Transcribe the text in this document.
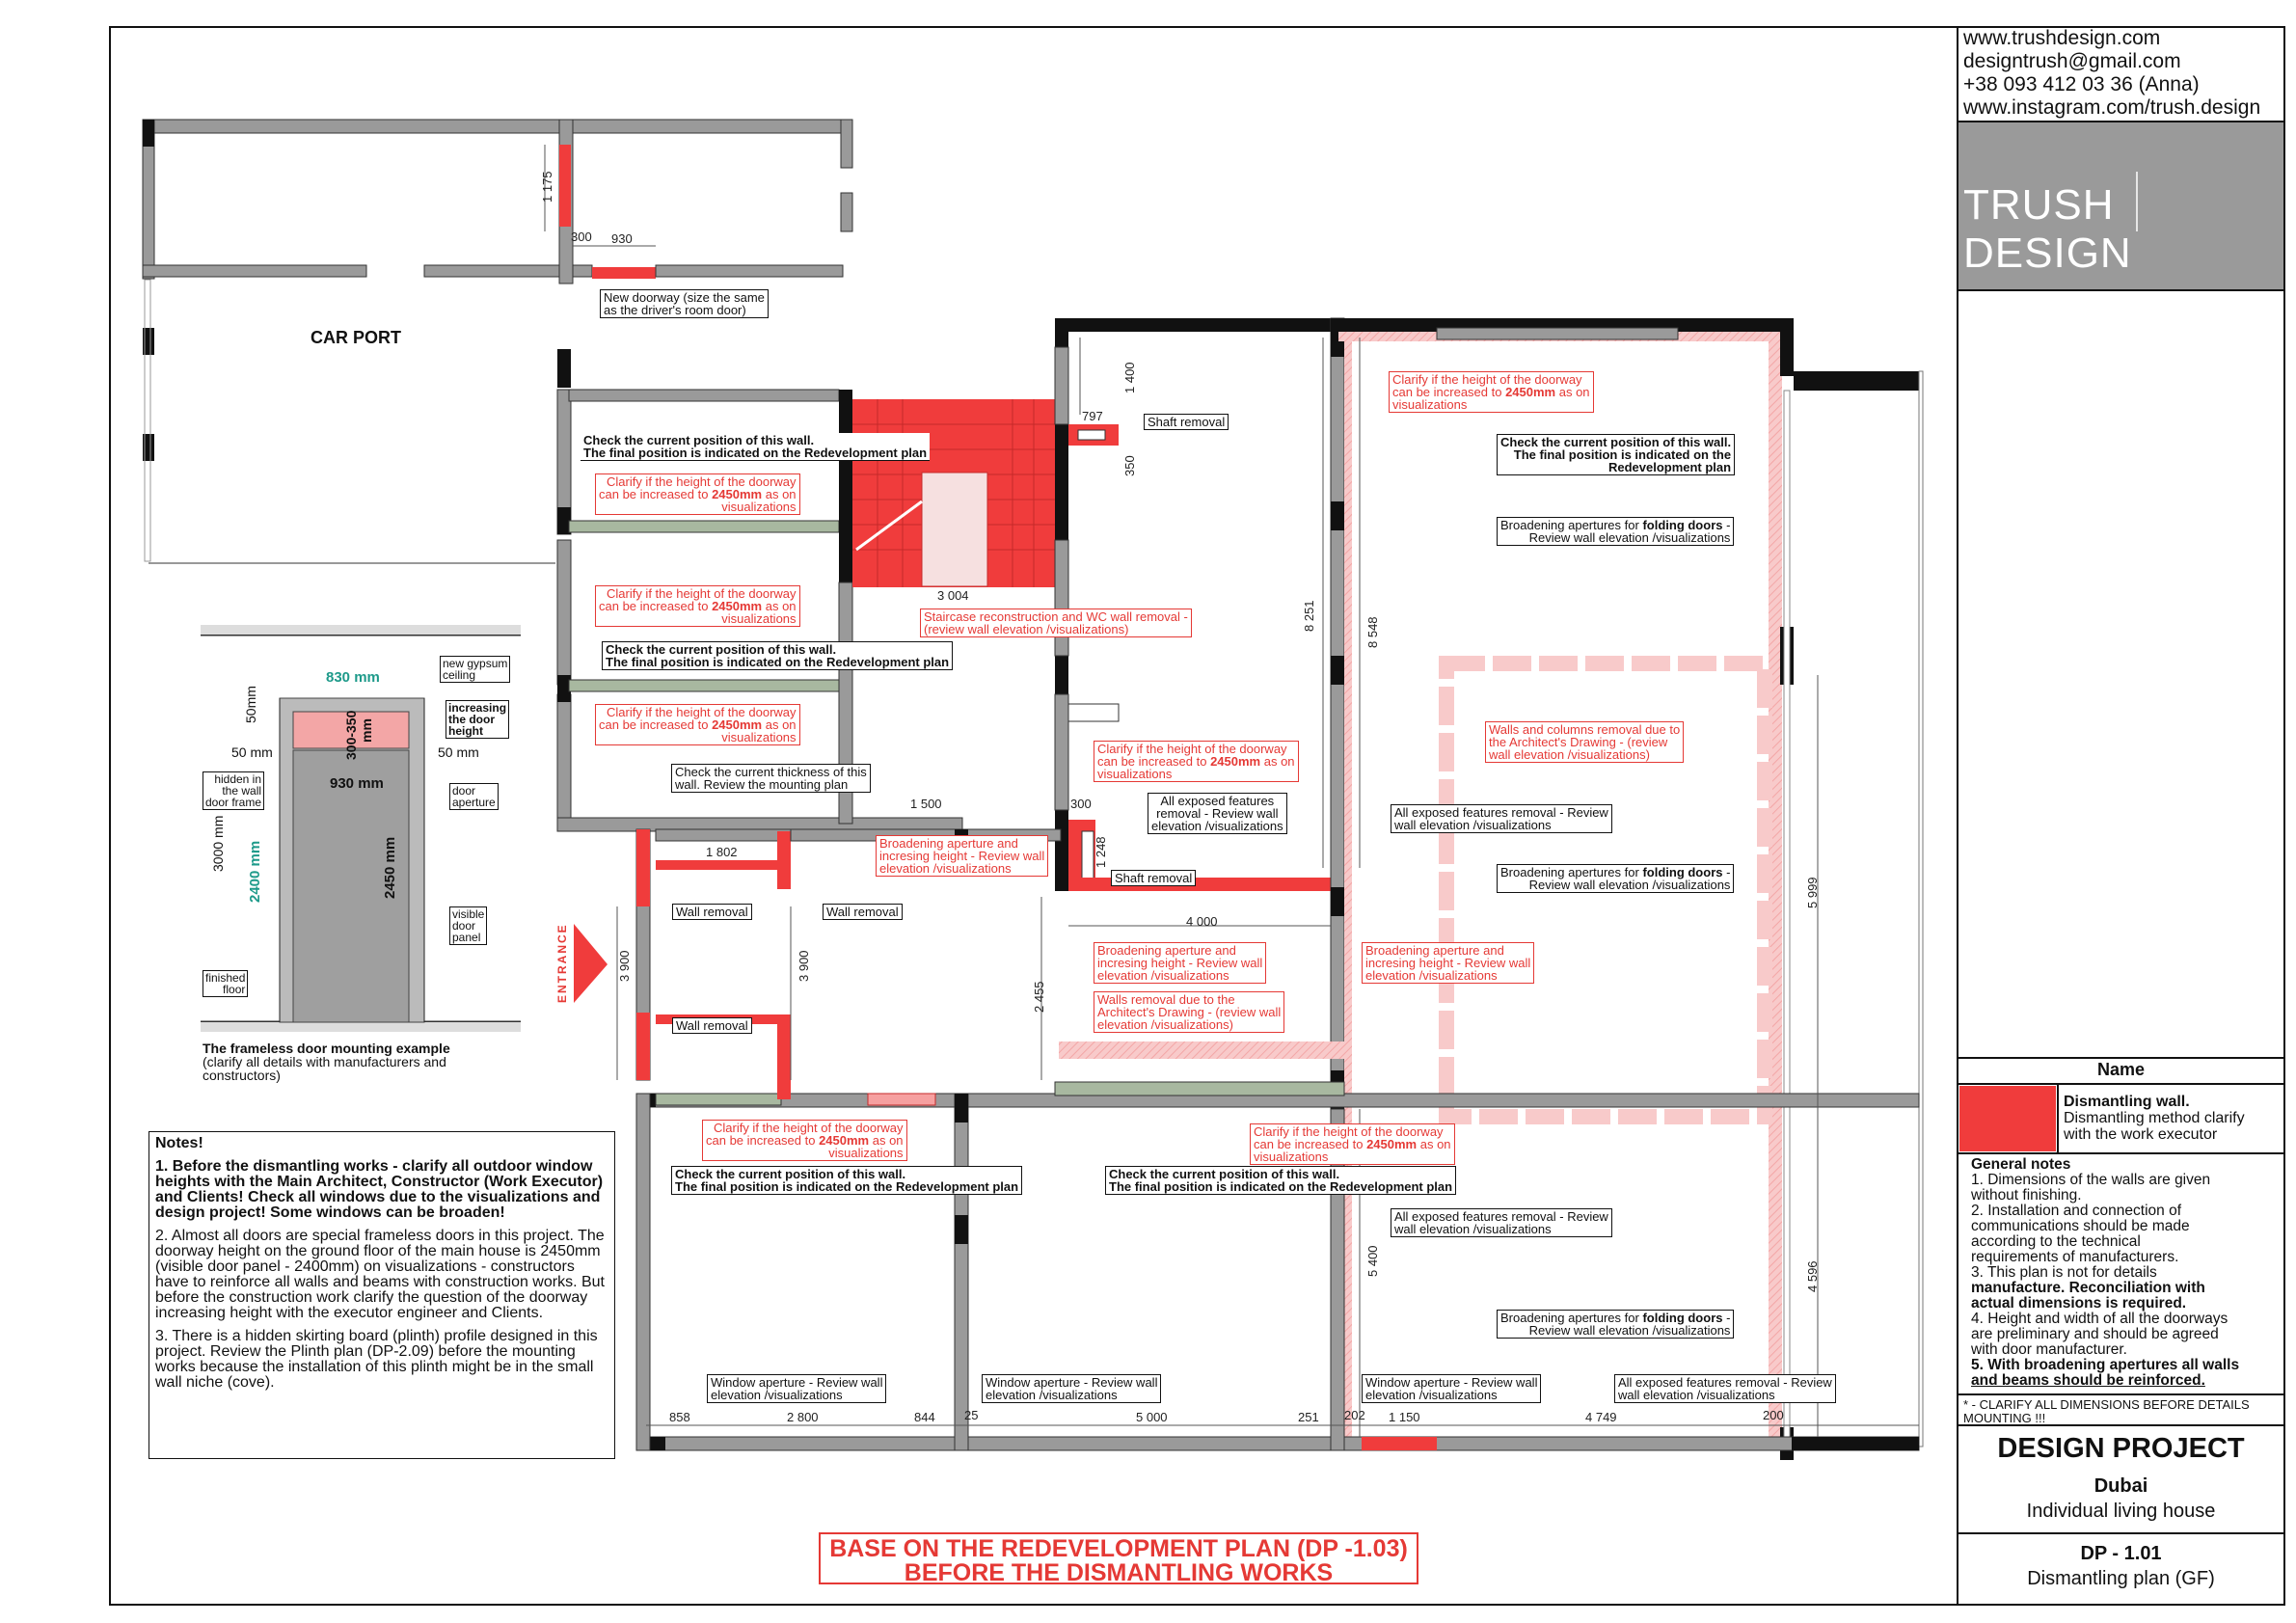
www.trushdesign.com
designtrush@gmail.com
+38 093 412 03 36 (Anna)
www.instagram.com/trush.design
TRUSHDESIGN
Name
Dismantling wall.
Dismantling method clarify
with the work executor
General notes
1. Dimensions of the walls are given
without finishing.
2. Installation and connection of
communications should be made
according to the technical
requirements of manufacturers.
3. This plan is not for details
manufacture. Reconciliation with
actual dimensions is required.
4. Height and width of all the doorways
are preliminary and should be agreed
with door manufacturer.
5. With broadening apertures all walls
and beams should be reinforced.
* - CLARIFY ALL DIMENSIONS BEFORE DETAILS
MOUNTING !!!
DESIGN PROJECT
Dubai
Individual living house
DP - 1.01
Dismantling plan (GF)
BASE ON THE REDEVELOPMENT PLAN (DP -1.03)
BEFORE THE DISMANTLING WORKS
CAR PORT
ENTRANCE
New doorway (size the same
as the driver's room door)
Check the current position of this wall.
The final position is indicated on the Redevelopment plan
Clarify if the height of the doorway
can be increased to 2450mm as on
visualizations
Clarify if the height of the doorway
can be increased to 2450mm as on
visualizations
Clarify if the height of the doorway
can be increased to 2450mm as on
visualizations
Clarify if the height of the doorway
can be increased to 2450mm as on
visualizations
Clarify if the height of the doorway
can be increased to 2450mm as on
visualizations
Clarify if the height of the doorway
can be increased to 2450mm as on
visualizations
Clarify if the height of the doorway
can be increased to 2450mm as on
visualizations
Check the current position of this wall.
The final position is indicated on the Redevelopment plan
Check the current position of this wall.
The final position is indicated on the Redevelopment plan
Check the current position of this wall.
The final position is indicated on the Redevelopment plan
Check the current position of this wall.
The final position is indicated on the
Redevelopment plan
Shaft removal
Shaft removal
Staircase reconstruction and WC wall removal -
(review wall elevation /visualizations)
Check the current thickness of this
wall. Review the mounting plan
Broadening apertures for folding doors -
Review wall elevation /visualizations
Broadening apertures for folding doors -
Review wall elevation /visualizations
Broadening apertures for folding doors -
Review wall elevation /visualizations
Walls and columns removal due to
the Architect's Drawing - (review
wall elevation /visualizations)
All exposed features removal - Review
wall elevation /visualizations
All exposed features removal - Review
wall elevation /visualizations
All exposed features removal - Review
wall elevation /visualizations
All exposed features
removal - Review wall
elevation /visualizations
Broadening aperture and
incresing height - Review wall
elevation /visualizations
Broadening aperture and
incresing height - Review wall
elevation /visualizations
Broadening aperture and
incresing height - Review wall
elevation /visualizations
Walls removal due to the
Architect's Drawing - (review wall
elevation /visualizations)
Wall removal	Wall removal
Wall removal
Window aperture - Review wall
elevation /visualizations
Window aperture - Review wall
elevation /visualizations
Window aperture - Review wall
elevation /visualizations
1 175
300 930
797
1 400
350
3 004
8 251
8 548
1 500
1 802
300
1 248
4 000
3 900	3 900
2 455
5 999
5 400	4 596
858	2 800	844 25	5 000	251 202 1 150	4 749	200
830 mm
930 mm
50mm
300-350 mm
50 mm	50 mm
3000 mm 2400 mm	2450 mm
new gypsum
ceiling
increasing
the door
height
hidden in
the wall
door frame
door
aperture
visible
door
panel
finished
floor
The frameless door mounting example
(clarify all details with manufacturers and
constructors)

Notes!

1. Before the dismantling works - clarify all outdoor window heights with the Main Architect, Constructor (Work Executor) and Clients! Check all windows due to the visualizations and design project! Some windows can be broaden!

2. Almost all doors are special frameless doors in this project. The doorway height on the ground floor of the main house is 2450mm (visible door panel - 2400mm) on visualizations - constructors have to reinforce all walls and beams with construction works. But before the construction work clarify the question of the doorway increasing height with the executor engineer and Clients.

3. There is a hidden skirting board (plinth) profile designed in this project. Review the Plinth plan (DP-2.09) before the mounting works because the installation of this plinth might be in the small wall niche (cove).
